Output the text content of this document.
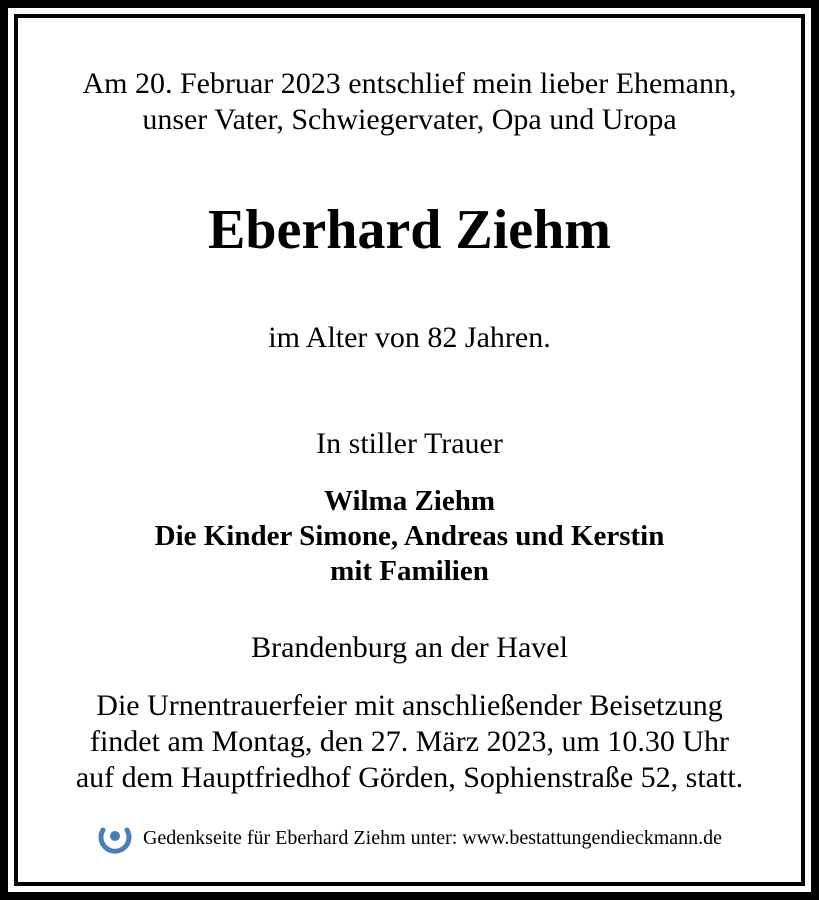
Am 20. Februar 2023 entschlief mein lieber Ehemann,
unser Vater, Schwiegervater, Opa und Uropa
Eberhard Ziehm
im Alter von 82 Jahren.
In stiller Trauer
Wilma Ziehm
Die Kinder Simone, Andreas und Kerstin
mit Familien
Brandenburg an der Havel
Die Urnentrauerfeier mit anschließender Beisetzung
findet am Montag, den 27. März 2023, um 10.30 Uhr
auf dem Hauptfriedhof Görden, Sophienstraße 52, statt.
Gedenkseite für Eberhard Ziehm unter: www.bestattungendieckmann.de
